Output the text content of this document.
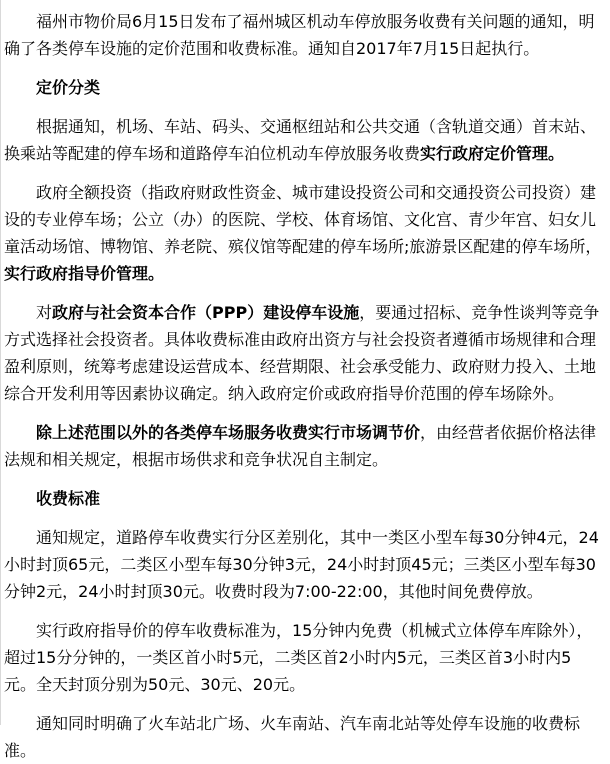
福州市物价局6月15日发布了福州城区机动车停放服务收费有关问题的通知，明确了各类停车设施的定价范围和收费标准。通知自2017年7月15日起执行。

定价分类

根据通知，机场、车站、码头、交通枢纽站和公共交通（含轨道交通）首末站、换乘站等配建的停车场和道路停车泊位机动车停放服务收费实行政府定价管理。

政府全额投资（指政府财政性资金、城市建设投资公司和交通投资公司投资）建设的专业停车场；公立（办）的医院、学校、体育场馆、文化宫、青少年宫、妇女儿童活动场馆、博物馆、养老院、殡仪馆等配建的停车场所;旅游景区配建的停车场所，实行政府指导价管理。

对政府与社会资本合作（PPP）建设停车设施，要通过招标、竞争性谈判等竞争方式选择社会投资者。具体收费标准由政府出资方与社会投资者遵循市场规律和合理盈利原则，统筹考虑建设运营成本、经营期限、社会承受能力、政府财力投入、土地综合开发利用等因素协议确定。纳入政府定价或政府指导价范围的停车场除外。

除上述范围以外的各类停车场服务收费实行市场调节价，由经营者依据价格法律法规和相关规定，根据市场供求和竞争状况自主制定。

收费标准

通知规定，道路停车收费实行分区差别化，其中一类区小型车每30分钟4元，24小时封顶65元，二类区小型车每30分钟3元，24小时封顶45元；三类区小型车每30分钟2元，24小时封顶30元。收费时段为7:00-22:00，其他时间免费停放。

实行政府指导价的停车收费标准为，15分钟内免费（机械式立体停车库除外），超过15分分钟的，一类区首小时5元，二类区首2小时内5元，三类区首3小时内5元。全天封顶分别为50元、30元、20元。

通知同时明确了火车站北广场、火车南站、汽车南北站等处停车设施的收费标准。
